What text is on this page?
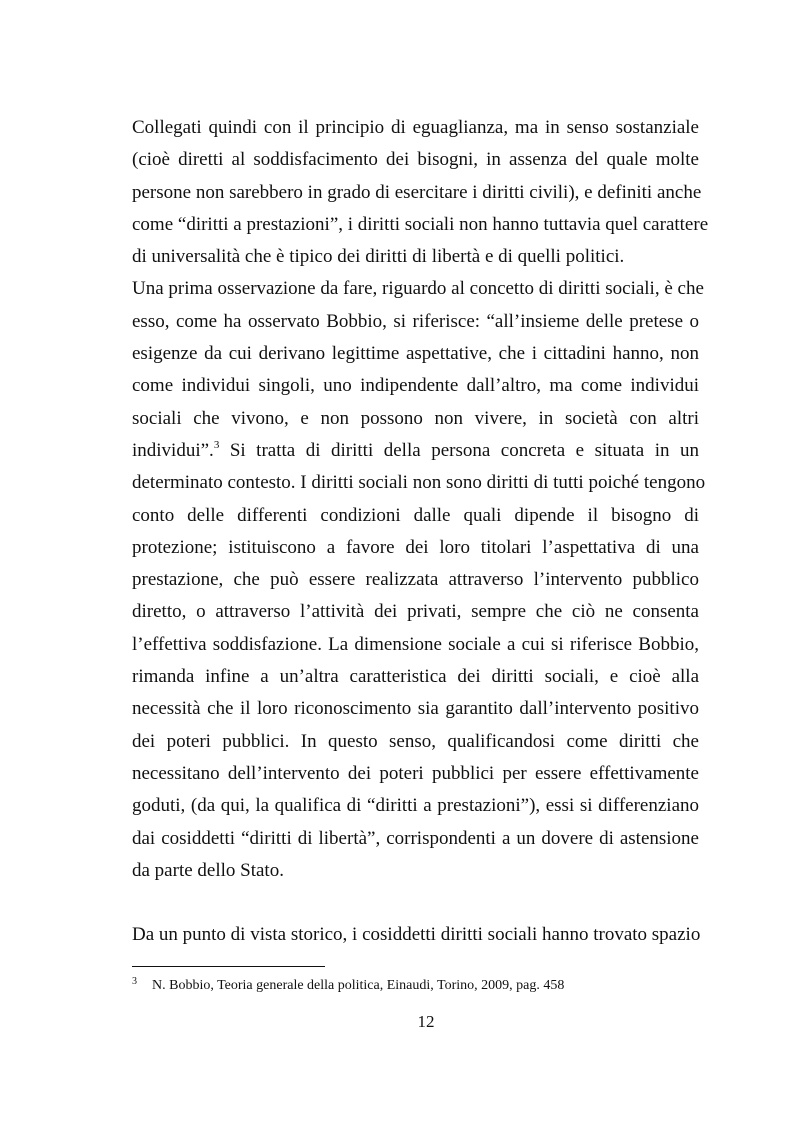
Collegati quindi con il principio di eguaglianza, ma in senso sostanziale
(cioè diretti al soddisfacimento dei bisogni, in assenza del quale molte
persone non sarebbero in grado di esercitare i diritti civili), e definiti anche
come “diritti a prestazioni”, i diritti sociali non hanno tuttavia quel carattere
di universalità che è tipico dei diritti di libertà e di quelli politici.
Una prima osservazione da fare, riguardo al concetto di diritti sociali, è che
esso, come ha osservato Bobbio, si riferisce: “all’insieme delle pretese o
esigenze da cui derivano legittime aspettative, che i cittadini hanno, non
come individui singoli, uno indipendente dall’altro, ma come individui
sociali che vivono, e non possono non vivere, in società con altri
individui”.$^3$ Si tratta di diritti della persona concreta e situata in un
determinato contesto. I diritti sociali non sono diritti di tutti poiché tengono
conto delle differenti condizioni dalle quali dipende il bisogno di
protezione; istituiscono a favore dei loro titolari l’aspettativa di una
prestazione, che può essere realizzata attraverso l’intervento pubblico
diretto, o attraverso l’attività dei privati, sempre che ciò ne consenta
l’effettiva soddisfazione. La dimensione sociale a cui si riferisce Bobbio,
rimanda infine a un’altra caratteristica dei diritti sociali, e cioè alla
necessità che il loro riconoscimento sia garantito dall’intervento positivo
dei poteri pubblici. In questo senso, qualificandosi come diritti che
necessitano dell’intervento dei poteri pubblici per essere effettivamente
goduti, (da qui, la qualifica di “diritti a prestazioni”), essi si differenziano
dai cosiddetti “diritti di libertà”, corrispondenti a un dovere di astensione
da parte dello Stato.
Da un punto di vista storico, i cosiddetti diritti sociali hanno trovato spazio
3 N. Bobbio, Teoria generale della politica, Einaudi, Torino, 2009, pag. 458
12
